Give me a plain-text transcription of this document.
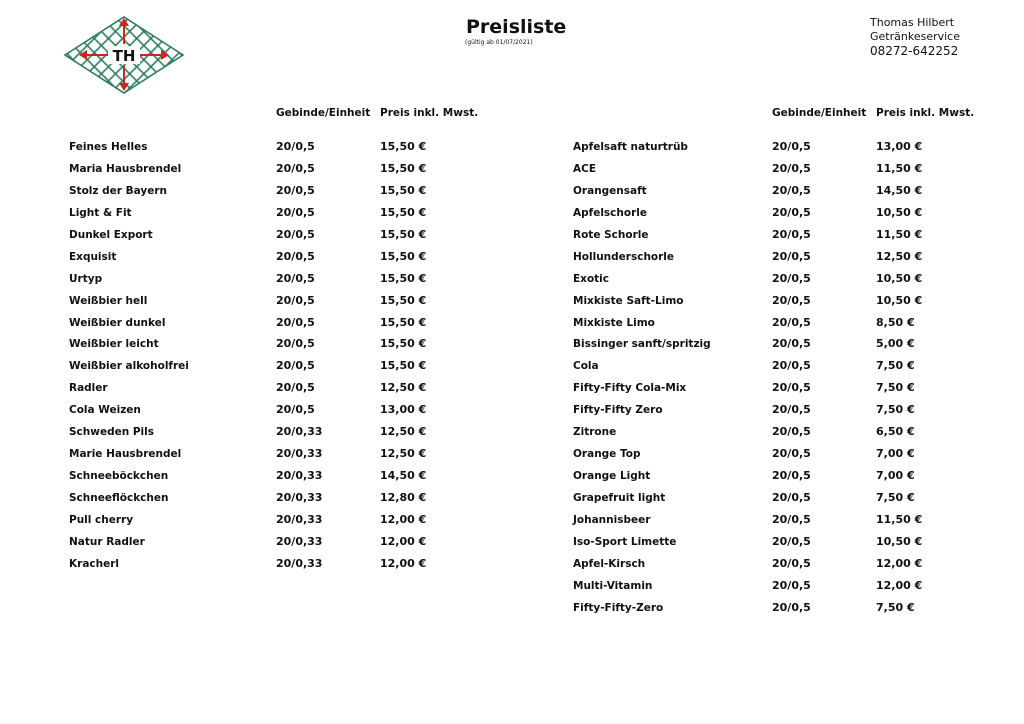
TH
Preisliste
(gültig ab 01/07/2021)
Thomas Hilbert
Getränkeservice
08272-642252
Gebinde/Einheit Preis inkl. Mwst.	Gebinde/Einheit Preis inkl. Mwst.
Feines Helles	20/0,5	15,50 €
Maria Hausbrendel	20/0,5	15,50 €
Stolz der Bayern	20/0,5	15,50 €
Light & Fit	20/0,5	15,50 €
Dunkel Export	20/0,5	15,50 €
Exquisit	20/0,5	15,50 €
Urtyp	20/0,5	15,50 €
Weißbier hell	20/0,5	15,50 €
Weißbier dunkel	20/0,5	15,50 €
Weißbier leicht	20/0,5	15,50 €
Weißbier alkoholfrei	20/0,5	15,50 €
Radler	20/0,5	12,50 €
Cola Weizen	20/0,5	13,00 €
Schweden Pils	20/0,33	12,50 €
Marie Hausbrendel	20/0,33	12,50 €
Schneeböckchen	20/0,33	14,50 €
Schneeflöckchen	20/0,33	12,80 €
Pull cherry	20/0,33	12,00 €
Natur Radler	20/0,33	12,00 €
Kracherl	20/0,33	12,00 €
Apfelsaft naturtrüb	20/0,5	13,00 €
ACE	20/0,5	11,50 €
Orangensaft	20/0,5	14,50 €
Apfelschorle	20/0,5	10,50 €
Rote Schorle	20/0,5	11,50 €
Hollunderschorle	20/0,5	12,50 €
Exotic	20/0,5	10,50 €
Mixkiste Saft-Limo	20/0,5	10,50 €
Mixkiste Limo	20/0,5	8,50 €
Bissinger sanft/spritzig	20/0,5	5,00 €
Cola	20/0,5	7,50 €
Fifty-Fifty Cola-Mix	20/0,5	7,50 €
Fifty-Fifty Zero	20/0,5	7,50 €
Zitrone	20/0,5	6,50 €
Orange Top	20/0,5	7,00 €
Orange Light	20/0,5	7,00 €
Grapefruit light	20/0,5	7,50 €
Johannisbeer	20/0,5	11,50 €
Iso-Sport Limette	20/0,5	10,50 €
Apfel-Kirsch	20/0,5	12,00 €
Multi-Vitamin	20/0,5	12,00 €
Fifty-Fifty-Zero	20/0,5	7,50 €
